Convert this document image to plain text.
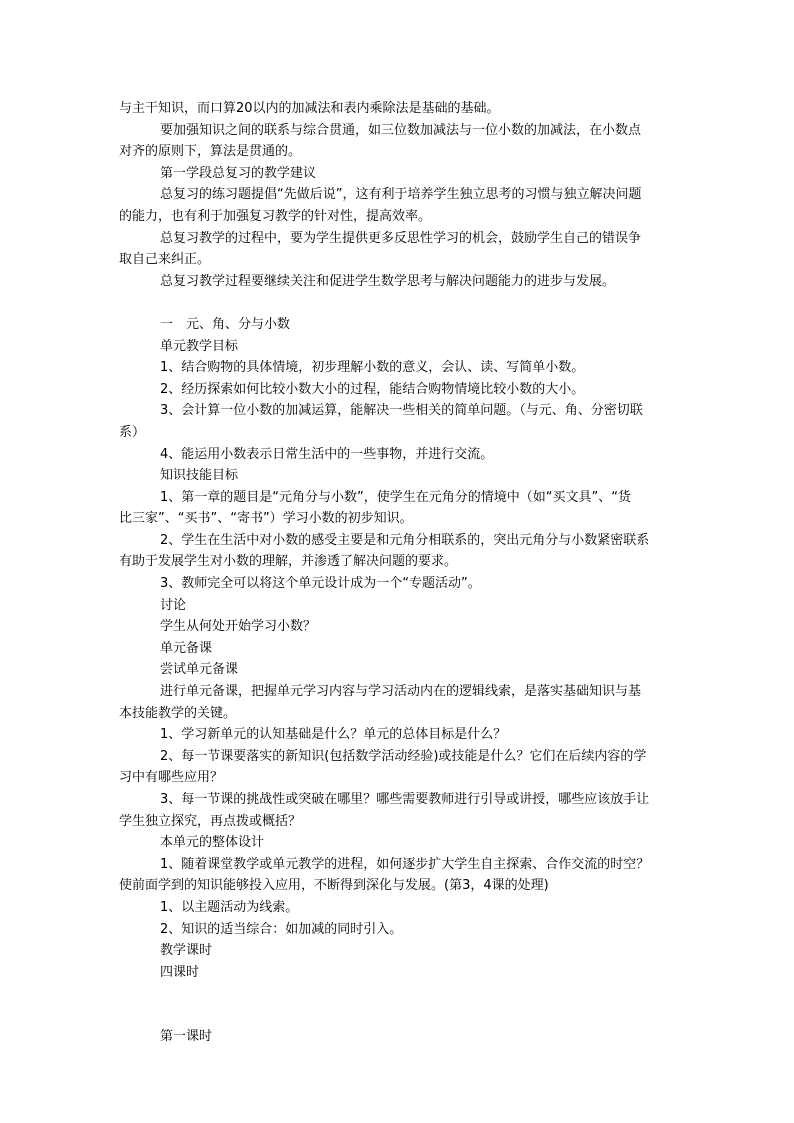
与主干知识，而口算20以内的加减法和表内乘除法是基础的基础。
要加强知识之间的联系与综合贯通，如三位数加减法与一位小数的加减法，在小数点
对齐的原则下，算法是贯通的。
第一学段总复习的教学建议
总复习的练习题提倡“先做后说”，这有利于培养学生独立思考的习惯与独立解决问题
的能力，也有利于加强复习教学的针对性，提高效率。
总复习教学的过程中，要为学生提供更多反思性学习的机会，鼓励学生自己的错误争
取自己来纠正。
总复习教学过程要继续关注和促进学生数学思考与解决问题能力的进步与发展。
一　元、角、分与小数
单元教学目标
1、结合购物的具体情境，初步理解小数的意义，会认、读、写简单小数。
2、经历探索如何比较小数大小的过程，能结合购物情境比较小数的大小。
3、会计算一位小数的加减运算，能解决一些相关的简单问题。（与元、角、分密切联
系）
4、能运用小数表示日常生活中的一些事物，并进行交流。
知识技能目标
1、第一章的题目是“元角分与小数”，使学生在元角分的情境中（如“买文具”、“货
比三家”、“买书”、“寄书”）学习小数的初步知识。
2、学生在生活中对小数的感受主要是和元角分相联系的，突出元角分与小数紧密联系
有助于发展学生对小数的理解，并渗透了解决问题的要求。
3、教师完全可以将这个单元设计成为一个“专题活动”。
讨论
学生从何处开始学习小数？
单元备课
尝试单元备课
进行单元备课，把握单元学习内容与学习活动内在的逻辑线索，是落实基础知识与基
本技能教学的关键。
1、学习新单元的认知基础是什么？单元的总体目标是什么？
2、每一节课要落实的新知识(包括数学活动经验)或技能是什么？它们在后续内容的学
习中有哪些应用？
3、每一节课的挑战性或突破在哪里？哪些需要教师进行引导或讲授，哪些应该放手让
学生独立探究，再点拨或概括？
本单元的整体设计
1、随着课堂教学或单元教学的进程，如何逐步扩大学生自主探索、合作交流的时空？
使前面学到的知识能够投入应用，不断得到深化与发展。(第3，4课的处理)
1、以主题活动为线索。
2、知识的适当综合：如加减的同时引入。
教学课时
四课时
第一课时
